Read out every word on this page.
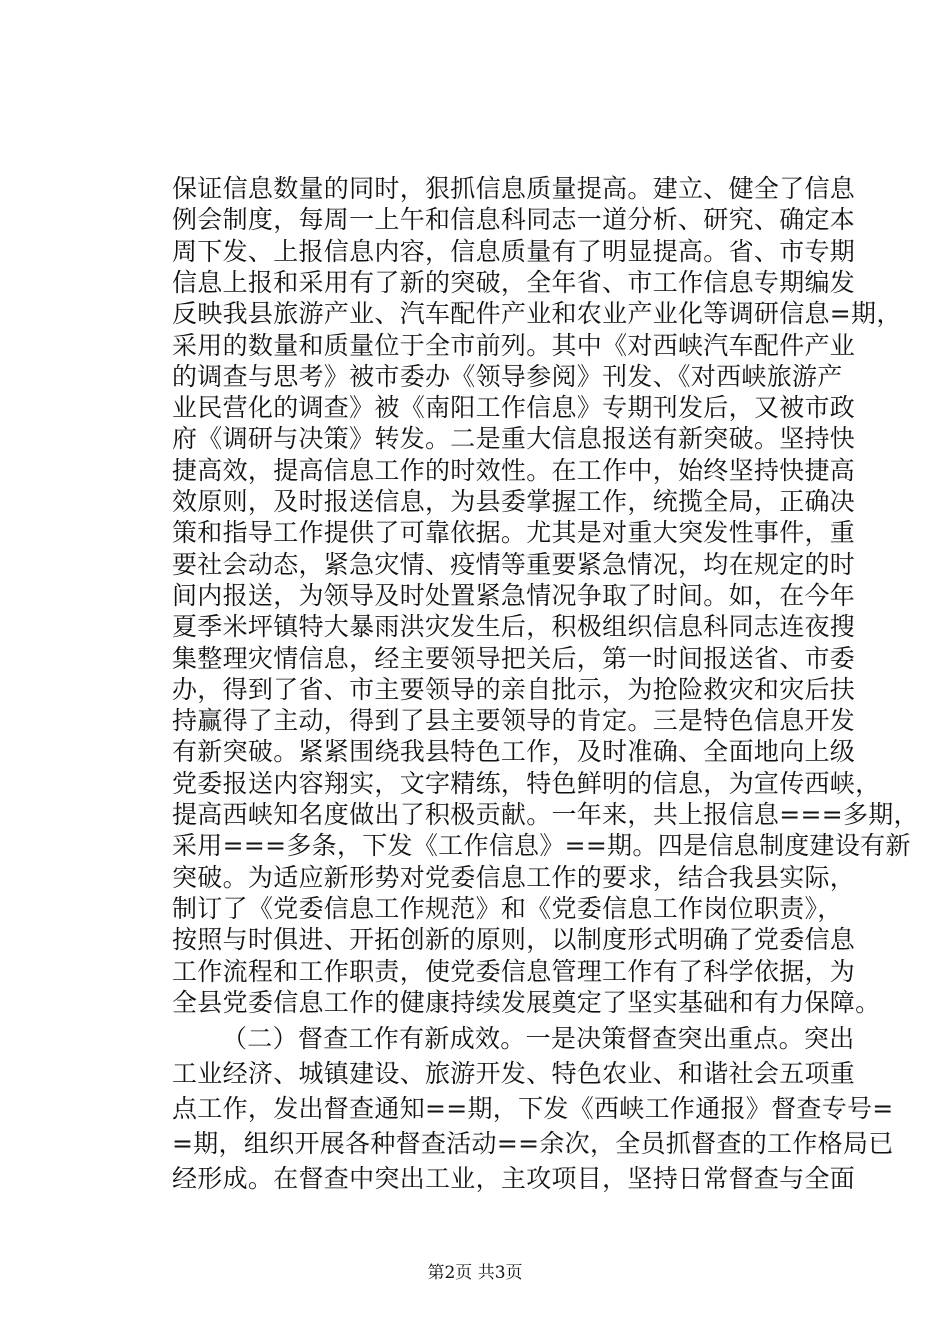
保证信息数量的同时，狠抓信息质量提高。建立、健全了信息
例会制度，每周一上午和信息科同志一道分析、研究、确定本
周下发、上报信息内容，信息质量有了明显提高。省、市专期
信息上报和采用有了新的突破，全年省、市工作信息专期编发
反映我县旅游产业、汽车配件产业和农业产业化等调研信息=期，
采用的数量和质量位于全市前列。其中《对西峡汽车配件产业
的调查与思考》被市委办《领导参阅》刊发、《对西峡旅游产
业民营化的调查》被《南阳工作信息》专期刊发后，又被市政
府《调研与决策》转发。二是重大信息报送有新突破。坚持快
捷高效，提高信息工作的时效性。在工作中，始终坚持快捷高
效原则，及时报送信息，为县委掌握工作，统揽全局，正确决
策和指导工作提供了可靠依据。尤其是对重大突发性事件，重
要社会动态，紧急灾情、疫情等重要紧急情况，均在规定的时
间内报送，为领导及时处置紧急情况争取了时间。如，在今年
夏季米坪镇特大暴雨洪灾发生后，积极组织信息科同志连夜搜
集整理灾情信息，经主要领导把关后，第一时间报送省、市委
办，得到了省、市主要领导的亲自批示，为抢险救灾和灾后扶
持赢得了主动，得到了县主要领导的肯定。三是特色信息开发
有新突破。紧紧围绕我县特色工作，及时准确、全面地向上级
党委报送内容翔实，文字精练，特色鲜明的信息，为宣传西峡，
提高西峡知名度做出了积极贡献。一年来，共上报信息===多期，
采用===多条，下发《工作信息》==期。四是信息制度建设有新
突破。为适应新形势对党委信息工作的要求，结合我县实际，
制订了《党委信息工作规范》和《党委信息工作岗位职责》，
按照与时俱进、开拓创新的原则，以制度形式明确了党委信息
工作流程和工作职责，使党委信息管理工作有了科学依据，为
全县党委信息工作的健康持续发展奠定了坚实基础和有力保障。
（二）督查工作有新成效。一是决策督查突出重点。突出
工业经济、城镇建设、旅游开发、特色农业、和谐社会五项重
点工作，发出督查通知==期，下发《西峡工作通报》督查专号=
=期，组织开展各种督查活动==余次，全员抓督查的工作格局已
经形成。在督查中突出工业，主攻项目，坚持日常督查与全面
第2页 共3页
